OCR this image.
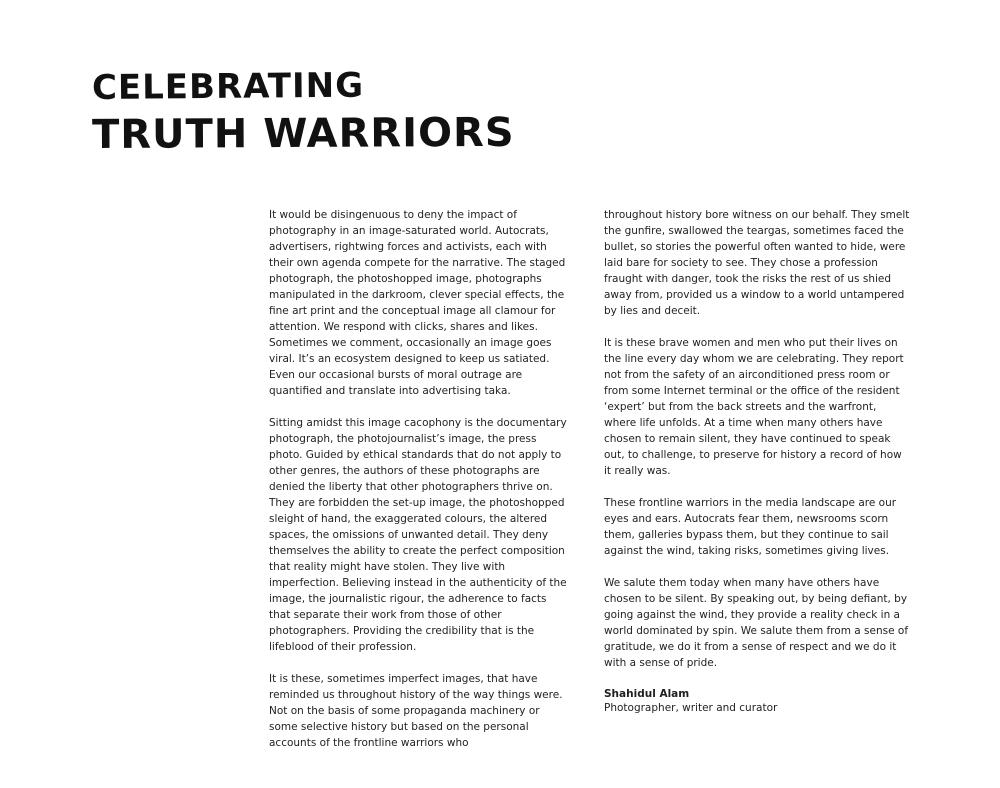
CELEBRATING
TRUTH WARRIORS

It would be disingenuous to deny the impact of photography in an image-saturated world. Autocrats, advertisers, rightwing forces and activists, each with their own agenda compete for the narrative. The staged photograph, the photoshopped image, photographs manipulated in the darkroom, clever special effects, the fine art print and the conceptual image all clamour for attention. We respond with clicks, shares and likes. Sometimes we comment, occasionally an image goes viral. It’s an ecosystem designed to keep us satiated. Even our occasional bursts of moral outrage are quantified and translate into advertising taka.

Sitting amidst this image cacophony is the documentary photograph, the photojournalist’s image, the press photo. Guided by ethical standards that do not apply to other genres, the authors of these photographs are denied the liberty that other photographers thrive on. They are forbidden the set-up image, the photoshopped sleight of hand, the exaggerated colours, the altered spaces, the omissions of unwanted detail. They deny themselves the ability to create the perfect composition that reality might have stolen. They live with imperfection. Believing instead in the authenticity of the image, the journalistic rigour, the adherence to facts that separate their work from those of other photographers. Providing the credibility that is the lifeblood of their profession.

It is these, sometimes imperfect images, that have reminded us throughout history of the way things were. Not on the basis of some propaganda machinery or some selective history but based on the personal accounts of the frontline warriors who

throughout history bore witness on our behalf. They smelt the gunfire, swallowed the teargas, sometimes faced the bullet, so stories the powerful often wanted to hide, were laid bare for society to see. They chose a profession fraught with danger, took the risks the rest of us shied away from, provided us a window to a world untampered by lies and deceit.

It is these brave women and men who put their lives on the line every day whom we are celebrating. They report not from the safety of an airconditioned press room or from some Internet terminal or the office of the resident ‘expert’ but from the back streets and the warfront, where life unfolds. At a time when many others have chosen to remain silent, they have continued to speak out, to challenge, to preserve for history a record of how it really was.

These frontline warriors in the media landscape are our eyes and ears. Autocrats fear them, newsrooms scorn them, galleries bypass them, but they continue to sail against the wind, taking risks, sometimes giving lives.

We salute them today when many have others have chosen to be silent. By speaking out, by being defiant, by going against the wind, they provide a reality check in a world dominated by spin. We salute them from a sense of gratitude, we do it from a sense of respect and we do it with a sense of pride.

Shahidul Alam
Photographer, writer and curator
